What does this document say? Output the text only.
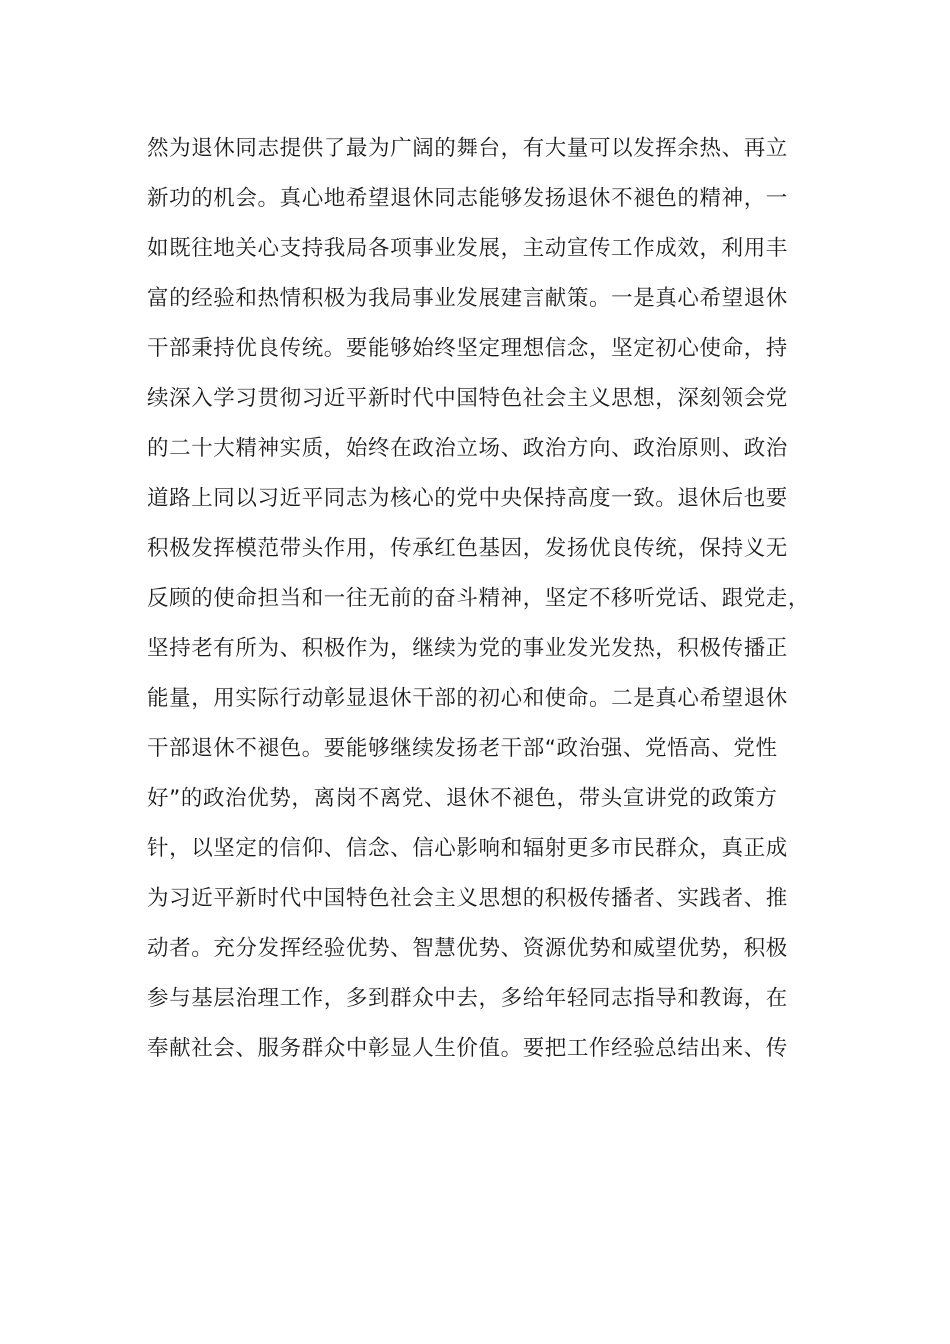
然为退休同志提供了最为广阔的舞台，有大量可以发挥余热、再立
新功的机会。真心地希望退休同志能够发扬退休不褪色的精神，一
如既往地关心支持我局各项事业发展，主动宣传工作成效，利用丰
富的经验和热情积极为我局事业发展建言献策。一是真心希望退休
干部秉持优良传统。要能够始终坚定理想信念，坚定初心使命，持
续深入学习贯彻习近平新时代中国特色社会主义思想，深刻领会党
的二十大精神实质，始终在政治立场、政治方向、政治原则、政治
道路上同以习近平同志为核心的党中央保持高度一致。退休后也要
积极发挥模范带头作用，传承红色基因，发扬优良传统，保持义无
反顾的使命担当和一往无前的奋斗精神，坚定不移听党话、跟党走，
坚持老有所为、积极作为，继续为党的事业发光发热，积极传播正
能量，用实际行动彰显退休干部的初心和使命。二是真心希望退休
干部退休不褪色。要能够继续发扬老干部“政治强、党悟高、党性
好”的政治优势，离岗不离党、退休不褪色，带头宣讲党的政策方
针，以坚定的信仰、信念、信心影响和辐射更多市民群众，真正成
为习近平新时代中国特色社会主义思想的积极传播者、实践者、推
动者。充分发挥经验优势、智慧优势、资源优势和威望优势，积极
参与基层治理工作，多到群众中去，多给年轻同志指导和教诲，在
奉献社会、服务群众中彰显人生价值。要把工作经验总结出来、传
